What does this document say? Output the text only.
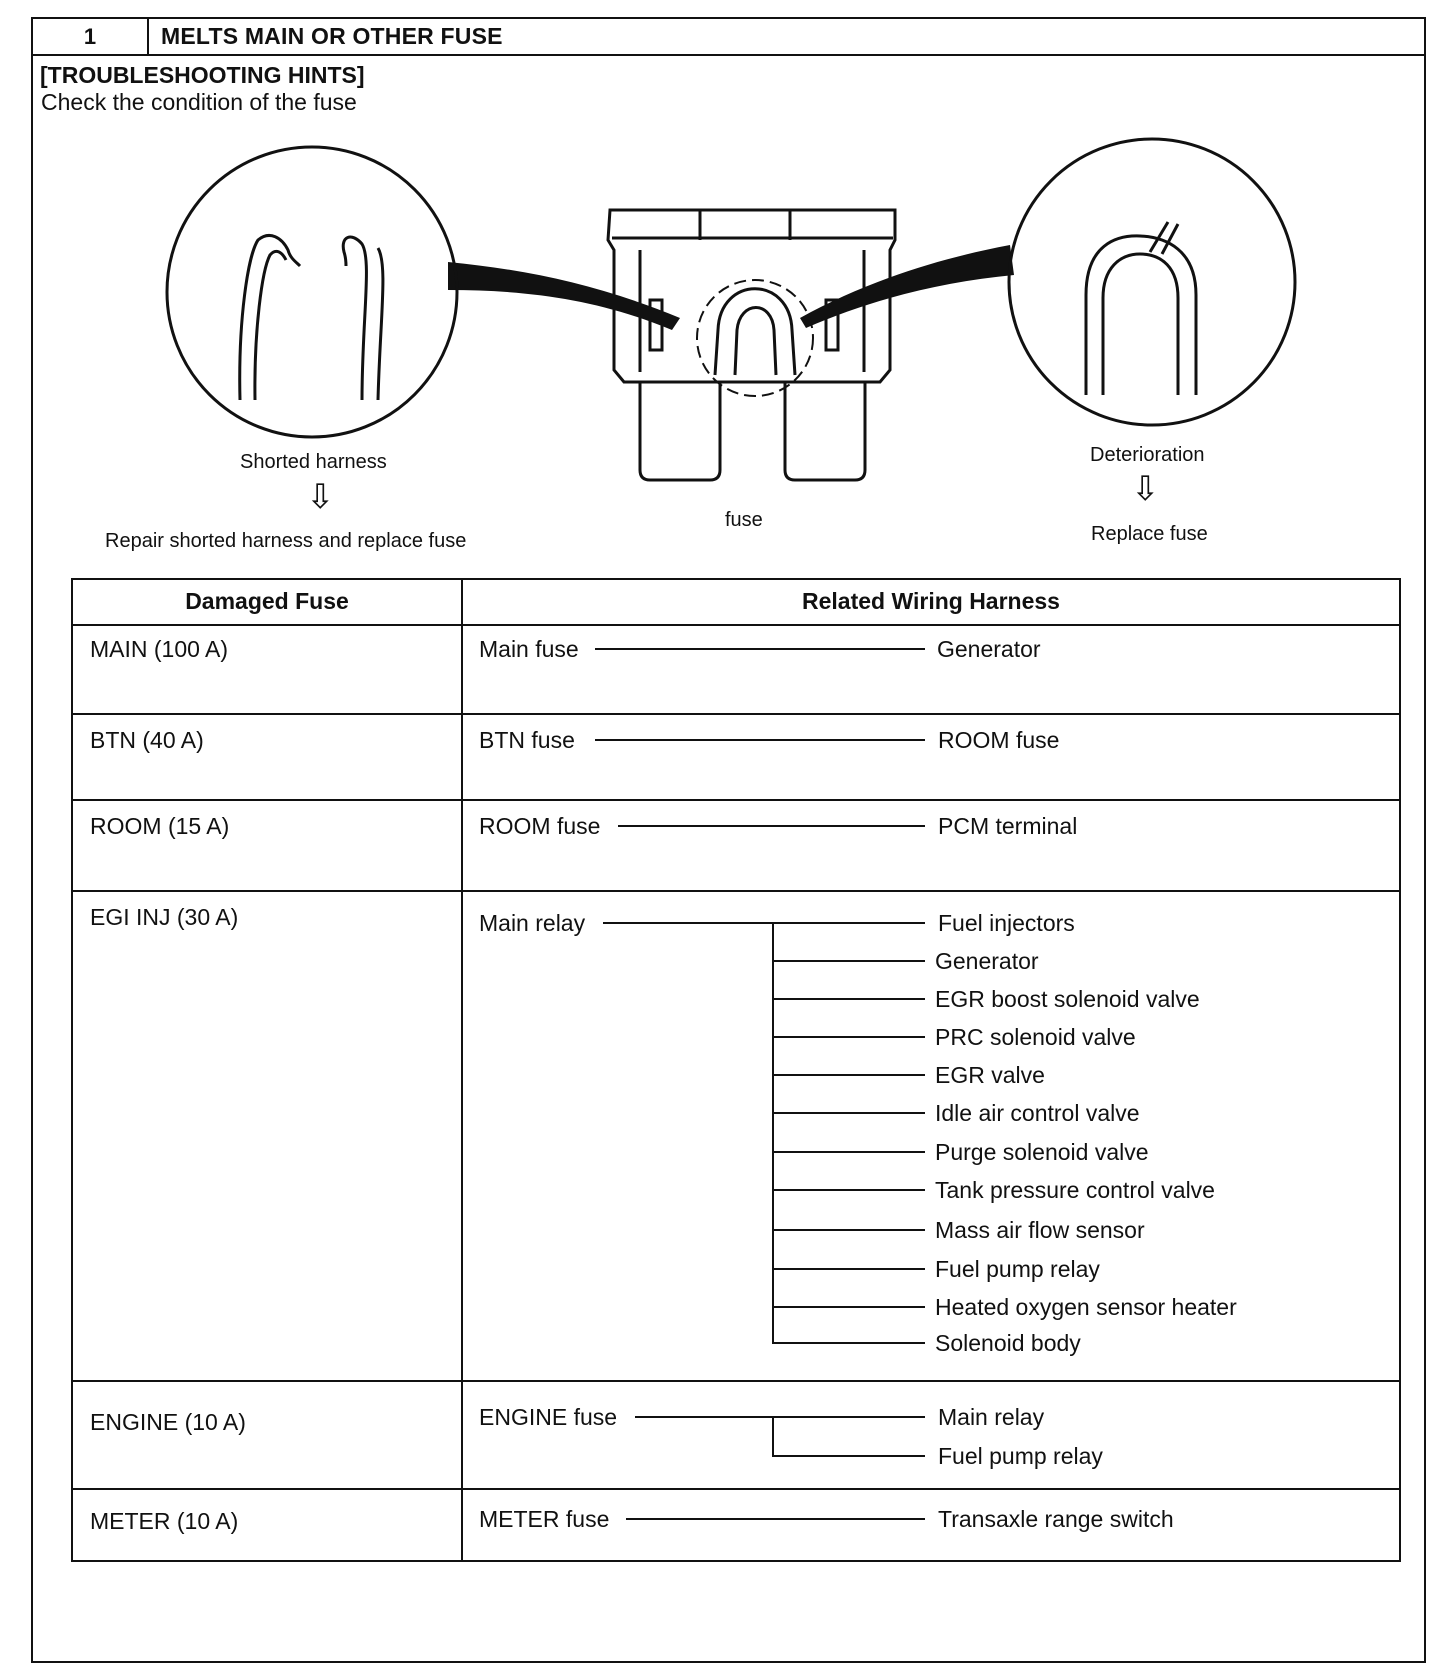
1	MELTS MAIN OR OTHER FUSE
[TROUBLESHOOTING HINTS]
Check the condition of the fuse
Shorted harness
⇩
Repair shorted harness and replace fuse
fuse
Deterioration
⇩
Replace fuse
Damaged Fuse	Related Wiring Harness
MAIN (100 A)	Main fuse	Generator
BTN (40 A)	BTN fuse	ROOM fuse
ROOM (15 A)	ROOM fuse	PCM terminal
EGI INJ (30 A)	Main relay	Fuel injectors
Generator
EGR boost solenoid valve
PRC solenoid valve
EGR valve
Idle air control valve
Purge solenoid valve
Tank pressure control valve
Mass air flow sensor
Fuel pump relay
Heated oxygen sensor heater
Solenoid body
ENGINE (10 A)	ENGINE fuse	Main relay
Fuel pump relay
METER (10 A)	METER fuse	Transaxle range switch
